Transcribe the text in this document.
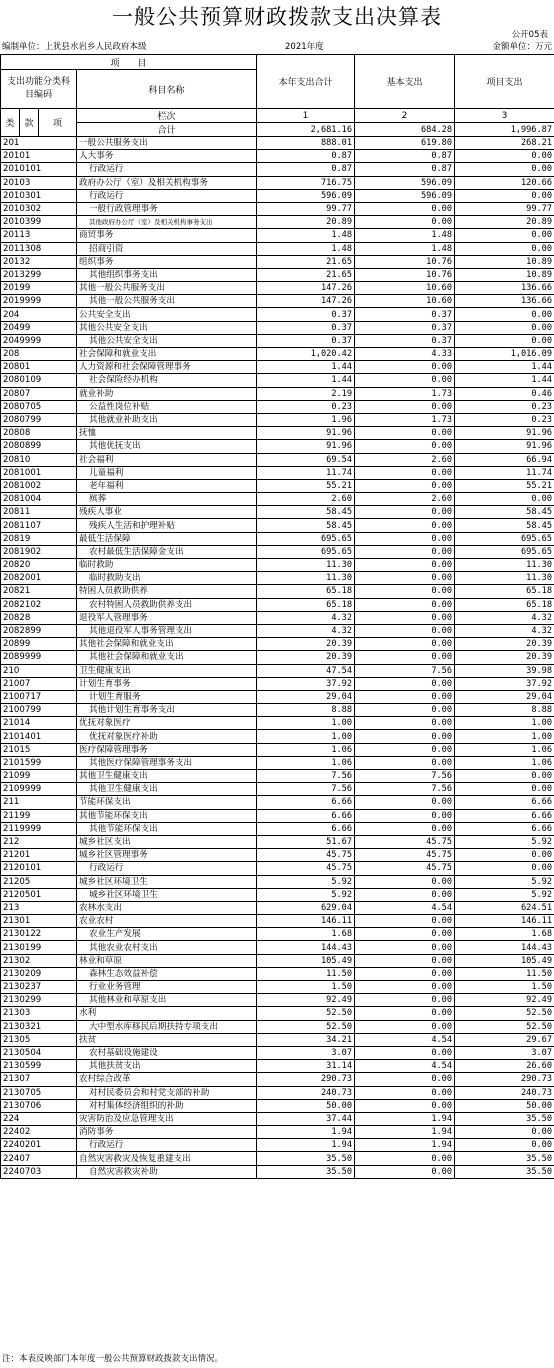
一般公共预算财政拨款支出决算表
公开05表
编制单位：上犹县水岩乡人民政府本级	2021年度	金额单位：万元
项　　目				本年支出合计	基本支出	项目支出
支出功能分类科目编码			科目名称			

类	款	项	栏次	1	2	3
			合计	2,681.16	684.28	1,996.87
201			一般公共服务支出	888.01	619.80	268.21
20101			人大事务	0.87	0.87	0.00
2010101			行政运行	0.87	0.87	0.00
20103			政府办公厅（室）及相关机构事务	716.75	596.09	120.66
2010301			行政运行	596.09	596.09	0.00
2010302			一般行政管理事务	99.77	0.00	99.77
2010399			其他政府办公厅（室）及相关机构事务支出	20.89	0.00	20.89
20113			商贸事务	1.48	1.48	0.00
2011308			招商引资	1.48	1.48	0.00
20132			组织事务	21.65	10.76	10.89
2013299			其他组织事务支出	21.65	10.76	10.89
20199			其他一般公共服务支出	147.26	10.60	136.66
2019999			其他一般公共服务支出	147.26	10.60	136.66
204			公共安全支出	0.37	0.37	0.00
20499			其他公共安全支出	0.37	0.37	0.00
2049999			其他公共安全支出	0.37	0.37	0.00
208			社会保障和就业支出	1,020.42	4.33	1,016.09
20801			人力资源和社会保障管理事务	1.44	0.00	1.44
2080109			社会保险经办机构	1.44	0.00	1.44
20807			就业补助	2.19	1.73	0.46
2080705			公益性岗位补贴	0.23	0.00	0.23
2080799			其他就业补助支出	1.96	1.73	0.23
20808			抚恤	91.96	0.00	91.96
2080899			其他优抚支出	91.96	0.00	91.96
20810			社会福利	69.54	2.60	66.94
2081001			儿童福利	11.74	0.00	11.74
2081002			老年福利	55.21	0.00	55.21
2081004			殡葬	2.60	2.60	0.00
20811			残疾人事业	58.45	0.00	58.45
2081107			残疾人生活和护理补贴	58.45	0.00	58.45
20819			最低生活保障	695.65	0.00	695.65
2081902			农村最低生活保障金支出	695.65	0.00	695.65
20820			临时救助	11.30	0.00	11.30
2082001			临时救助支出	11.30	0.00	11.30
20821			特困人员救助供养	65.18	0.00	65.18
2082102			农村特困人员救助供养支出	65.18	0.00	65.18
20828			退役军人管理事务	4.32	0.00	4.32
2082899			其他退役军人事务管理支出	4.32	0.00	4.32
20899			其他社会保障和就业支出	20.39	0.00	20.39
2089999			其他社会保障和就业支出	20.39	0.00	20.39
210			卫生健康支出	47.54	7.56	39.98
21007			计划生育事务	37.92	0.00	37.92
2100717			计划生育服务	29.04	0.00	29.04
2100799			其他计划生育事务支出	8.88	0.00	8.88
21014			优抚对象医疗	1.00	0.00	1.00
2101401			优抚对象医疗补助	1.00	0.00	1.00
21015			医疗保障管理事务	1.06	0.00	1.06
2101599			其他医疗保障管理事务支出	1.06	0.00	1.06
21099			其他卫生健康支出	7.56	7.56	0.00
2109999			其他卫生健康支出	7.56	7.56	0.00
211			节能环保支出	6.66	0.00	6.66
21199			其他节能环保支出	6.66	0.00	6.66
2119999			其他节能环保支出	6.66	0.00	6.66
212			城乡社区支出	51.67	45.75	5.92
21201			城乡社区管理事务	45.75	45.75	0.00
2120101			行政运行	45.75	45.75	0.00
21205			城乡社区环境卫生	5.92	0.00	5.92
2120501			城乡社区环境卫生	5.92	0.00	5.92
213			农林水支出	629.04	4.54	624.51
21301			农业农村	146.11	0.00	146.11
2130122			农业生产发展	1.68	0.00	1.68
2130199			其他农业农村支出	144.43	0.00	144.43
21302			林业和草原	105.49	0.00	105.49
2130209			森林生态效益补偿	11.50	0.00	11.50
2130237			行业业务管理	1.50	0.00	1.50
2130299			其他林业和草原支出	92.49	0.00	92.49
21303			水利	52.50	0.00	52.50
2130321			大中型水库移民后期扶持专项支出	52.50	0.00	52.50
21305			扶贫	34.21	4.54	29.67
2130504			农村基础设施建设	3.07	0.00	3.07
2130599			其他扶贫支出	31.14	4.54	26.60
21307			农村综合改革	290.73	0.00	290.73
2130705			对村民委员会和村党支部的补助	240.73	0.00	240.73
2130706			对村集体经济组织的补助	50.00	0.00	50.00
224			灾害防治及应急管理支出	37.44	1.94	35.50
22402			消防事务	1.94	1.94	0.00
2240201			行政运行	1.94	1.94	0.00
22407			自然灾害救灾及恢复重建支出	35.50	0.00	35.50
2240703			自然灾害救灾补助	35.50	0.00	35.50
注：本表反映部门本年度一般公共预算财政拨款支出情况。
